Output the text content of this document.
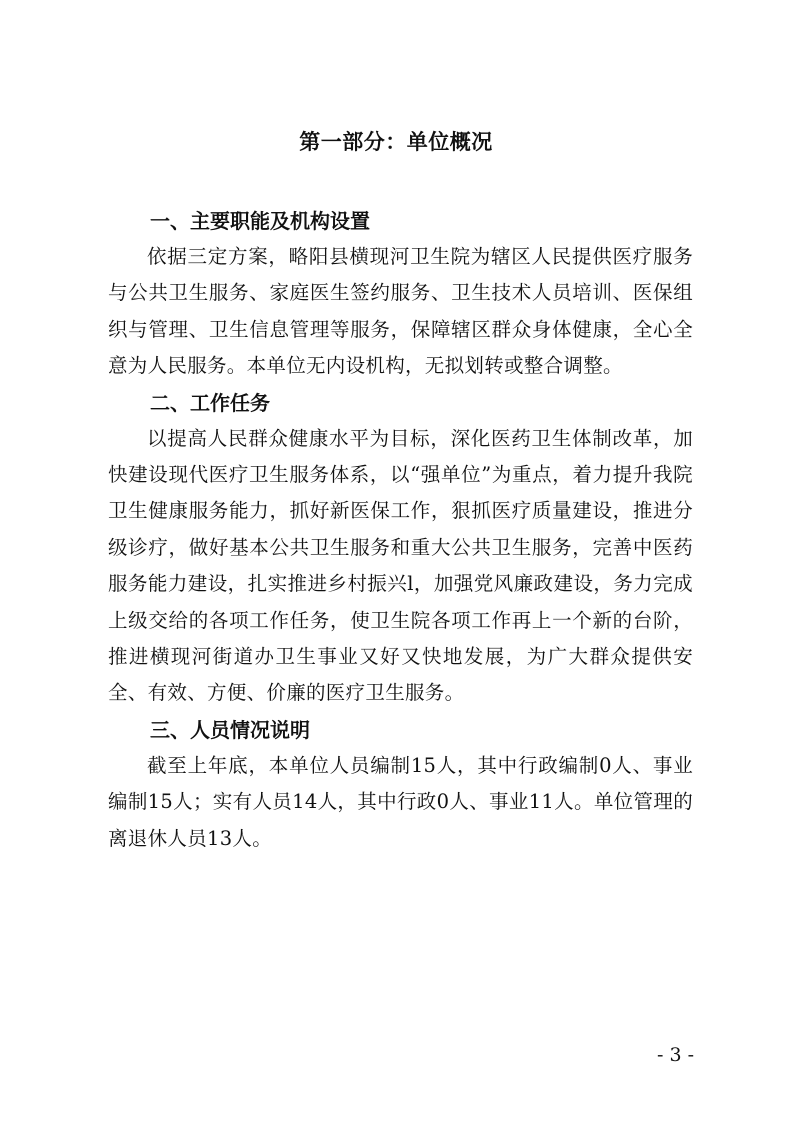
第一部分：单位概况
一、主要职能及机构设置

依据三定方案，略阳县横现河卫生院为辖区人民提供医疗服务与公共卫生服务、家庭医生签约服务、卫生技术人员培训、医保组织与管理、卫生信息管理等服务，保障辖区群众身体健康，全心全意为人民服务。本单位无内设机构，无拟划转或整合调整。

二、工作任务

以提高人民群众健康水平为目标，深化医药卫生体制改革，加快建设现代医疗卫生服务体系，以“强单位”为重点，着力提升我院卫生健康服务能力，抓好新医保工作，狠抓医疗质量建设，推进分级诊疗，做好基本公共卫生服务和重大公共卫生服务，完善中医药服务能力建设，扎实推进乡村振兴l，加强党风廉政建设，务力完成上级交给的各项工作任务，使卫生院各项工作再上一个新的台阶，推进横现河街道办卫生事业又好又快地发展，为广大群众提供安全、有效、方便、价廉的医疗卫生服务。

三、人员情况说明

截至上年底，本单位人员编制15人，其中行政编制0人、事业编制15人；实有人员14人，其中行政0人、事业11人。单位管理的离退休人员13人。

- 3 -
